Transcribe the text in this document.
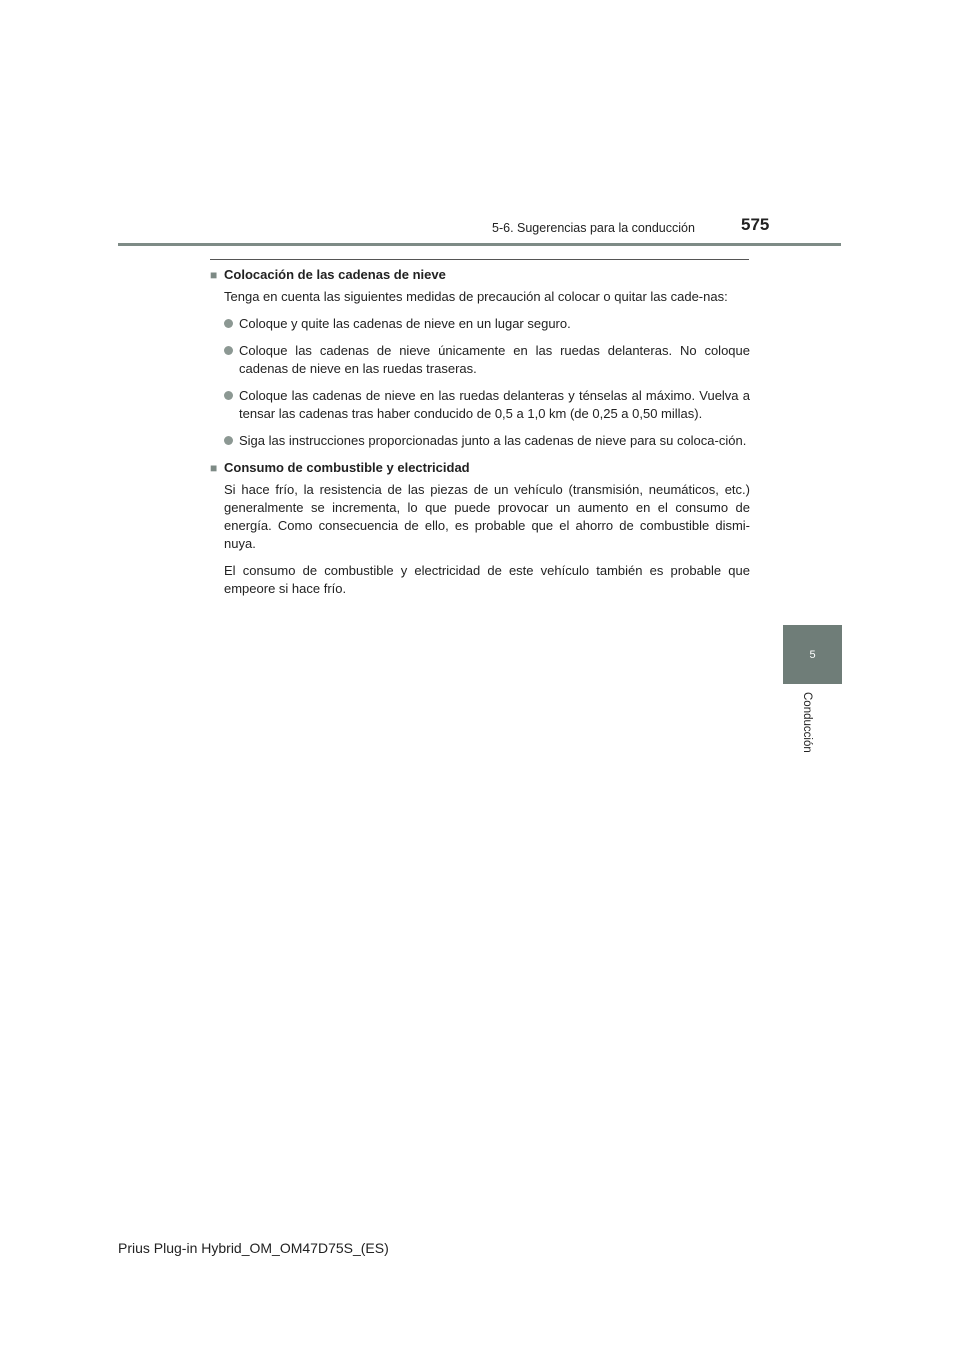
5-6. Sugerencias para la conducción	575
5
Conducción
■ Colocación de las cadenas de nieve
Tenga en cuenta las siguientes medidas de precaución al colocar o quitar las cade-nas:
Coloque y quite las cadenas de nieve en un lugar seguro.
Coloque las cadenas de nieve únicamente en las ruedas delanteras. No coloque cadenas de nieve en las ruedas traseras.
Coloque las cadenas de nieve en las ruedas delanteras y ténselas al máximo. Vuelva a tensar las cadenas tras haber conducido de 0,5 a 1,0 km (de 0,25 a 0,50 millas).
Siga las instrucciones proporcionadas junto a las cadenas de nieve para su coloca-ción.
■ Consumo de combustible y electricidad
Si hace frío, la resistencia de las piezas de un vehículo (transmisión, neumáticos, etc.) generalmente se incrementa, lo que puede provocar un aumento en el consumo de energía. Como consecuencia de ello, es probable que el ahorro de combustible dismi-nuya.
El consumo de combustible y electricidad de este vehículo también es probable que empeore si hace frío.
Prius Plug-in Hybrid_OM_OM47D75S_(ES)
